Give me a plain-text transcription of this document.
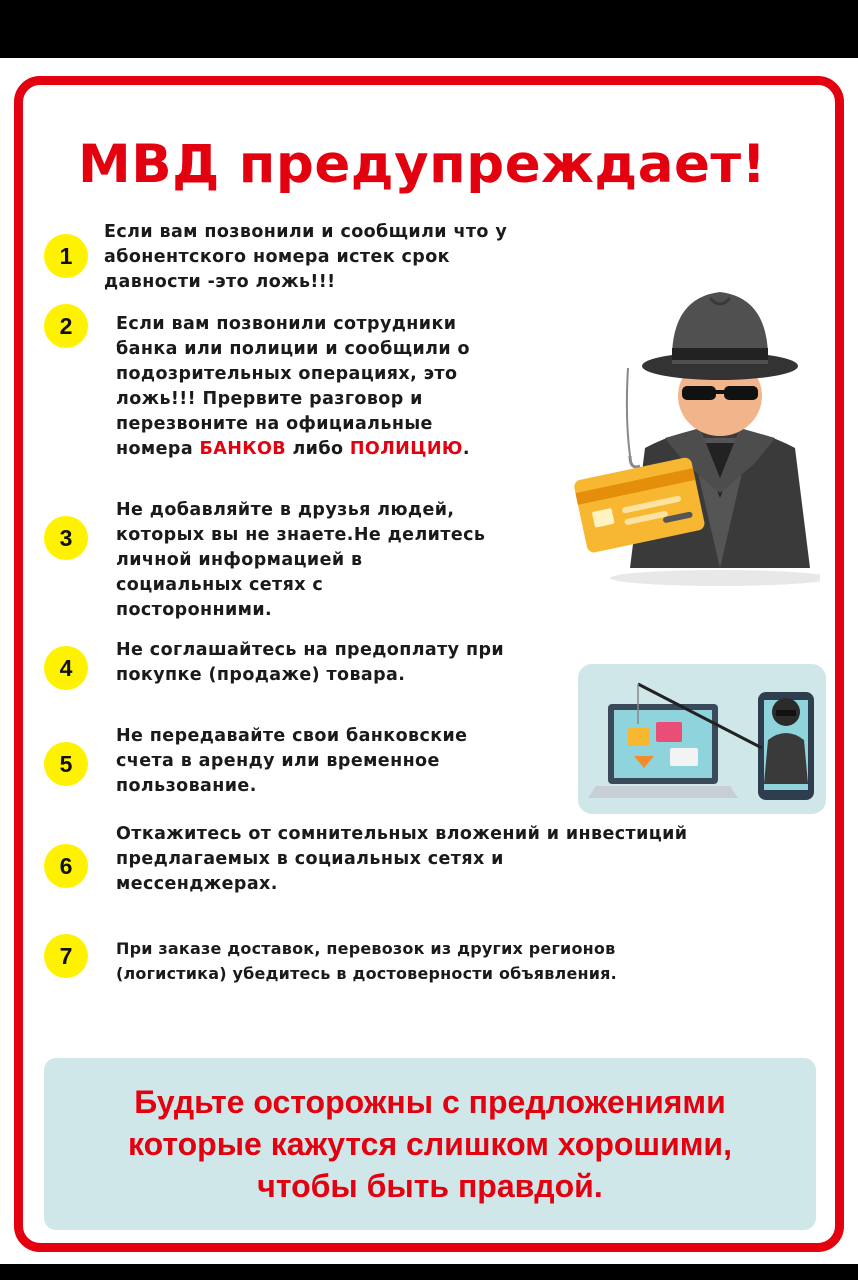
МВД предупреждает!
1
Если вам позвонили и сообщили что у
абонентского номера истек срок
давности -это ложь!!!
2	Если вам позвонили сотрудники
банка или полиции и сообщили о
подозрительных операциях, это
ложь!!! Прервите разговор и
перезвоните на официальные
номера БАНКОВ либо ПОЛИЦИЮ.
3
Не добавляйте в друзья людей,
которых вы не знаете.Не делитесь
личной информацией в
социальных сетях с
посторонними.
4
Не соглашайтесь на предоплату при
покупке (продаже) товара.
5
Не передавайте свои банковские
счета в аренду или временное
пользование.
6
Откажитесь от сомнительных вложений и инвестиций
предлагаемых в социальных сетях и
мессенджерах.
7	При заказе доставок, перевозок из других регионов
(логистика) убедитесь в достоверности объявления.
Будьте осторожны с предложениями
которые кажутся слишком хорошими,
чтобы быть правдой.
